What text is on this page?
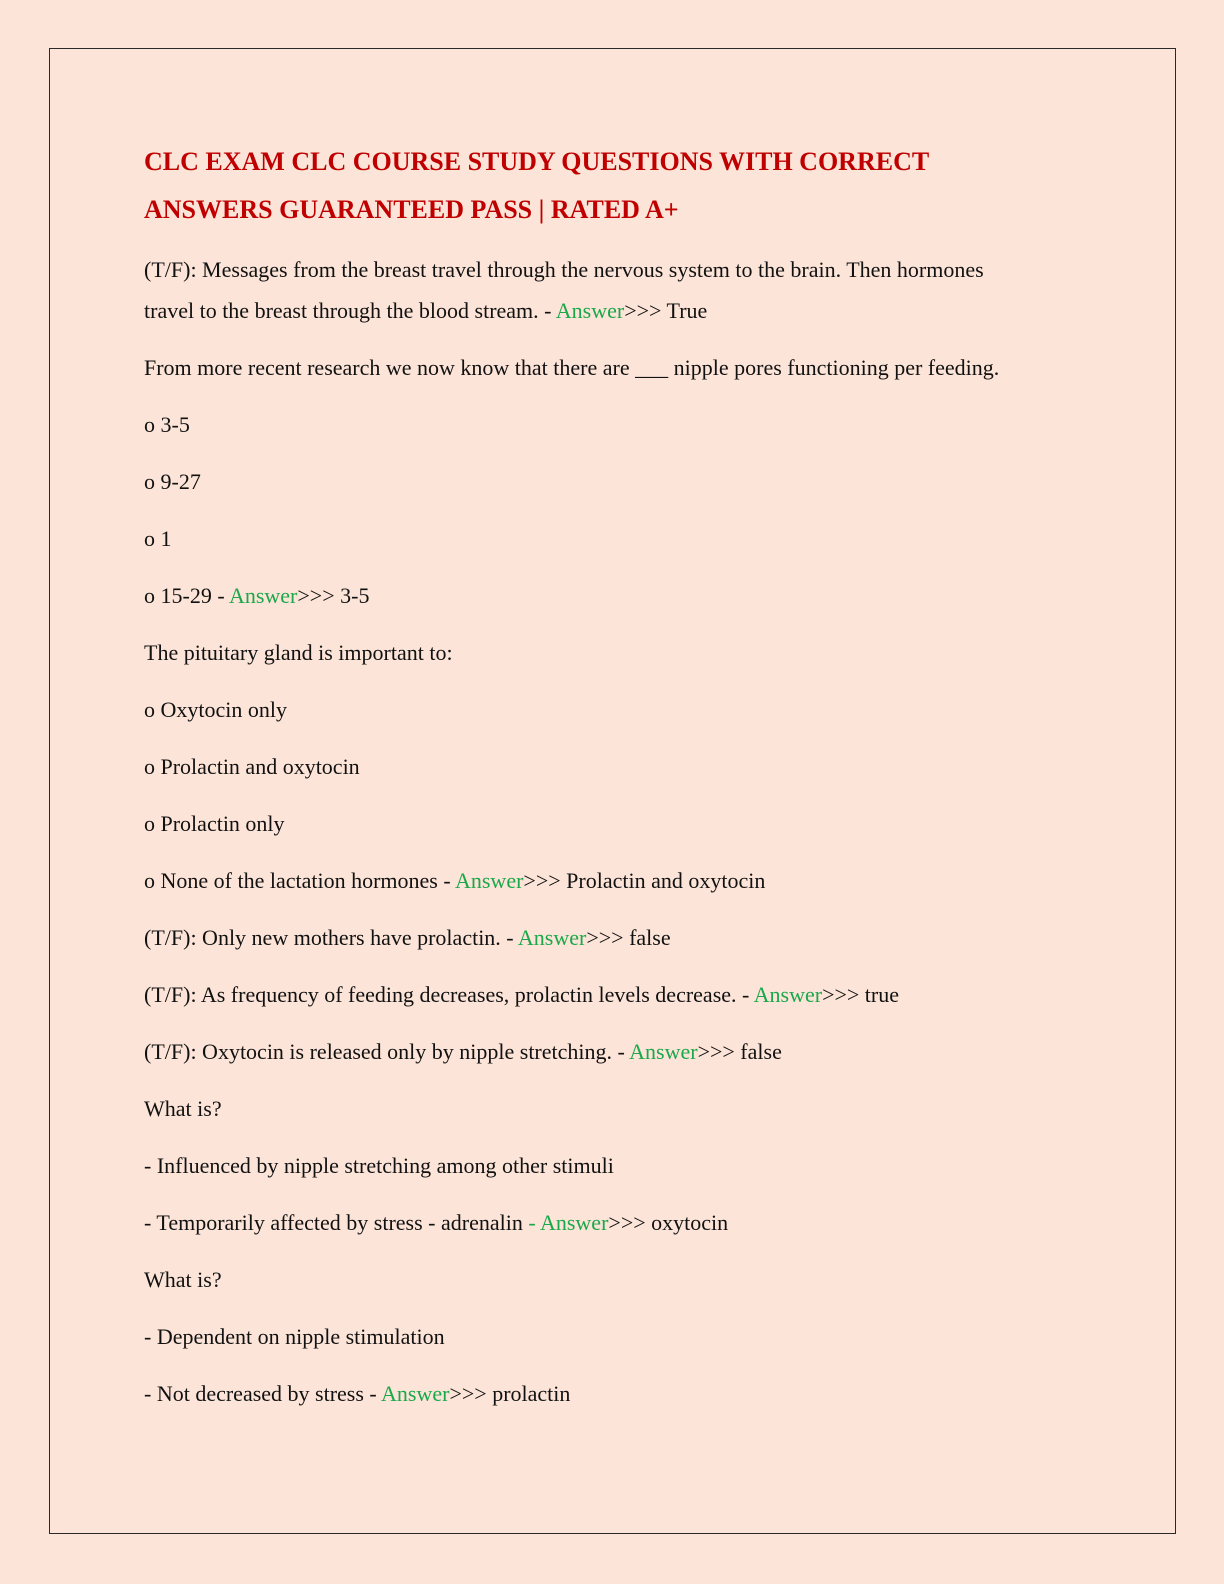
CLC EXAM CLC COURSE STUDY QUESTIONS WITH CORRECT
ANSWERS GUARANTEED PASS | RATED A+

(T/F): Messages from the breast travel through the nervous system to the brain. Then hormones
travel to the breast through the blood stream. - Answer>>> True

From more recent research we now know that there are ___ nipple pores functioning per feeding.

o 3-5

o 9-27

o 1

o 15-29 - Answer>>> 3-5

The pituitary gland is important to:

o Oxytocin only

o Prolactin and oxytocin

o Prolactin only

o None of the lactation hormones - Answer>>> Prolactin and oxytocin

(T/F): Only new mothers have prolactin. - Answer>>> false

(T/F): As frequency of feeding decreases, prolactin levels decrease. - Answer>>> true

(T/F): Oxytocin is released only by nipple stretching. - Answer>>> false

What is?

- Influenced by nipple stretching among other stimuli

- Temporarily affected by stress - adrenalin - Answer>>> oxytocin

What is?

- Dependent on nipple stimulation

- Not decreased by stress - Answer>>> prolactin
